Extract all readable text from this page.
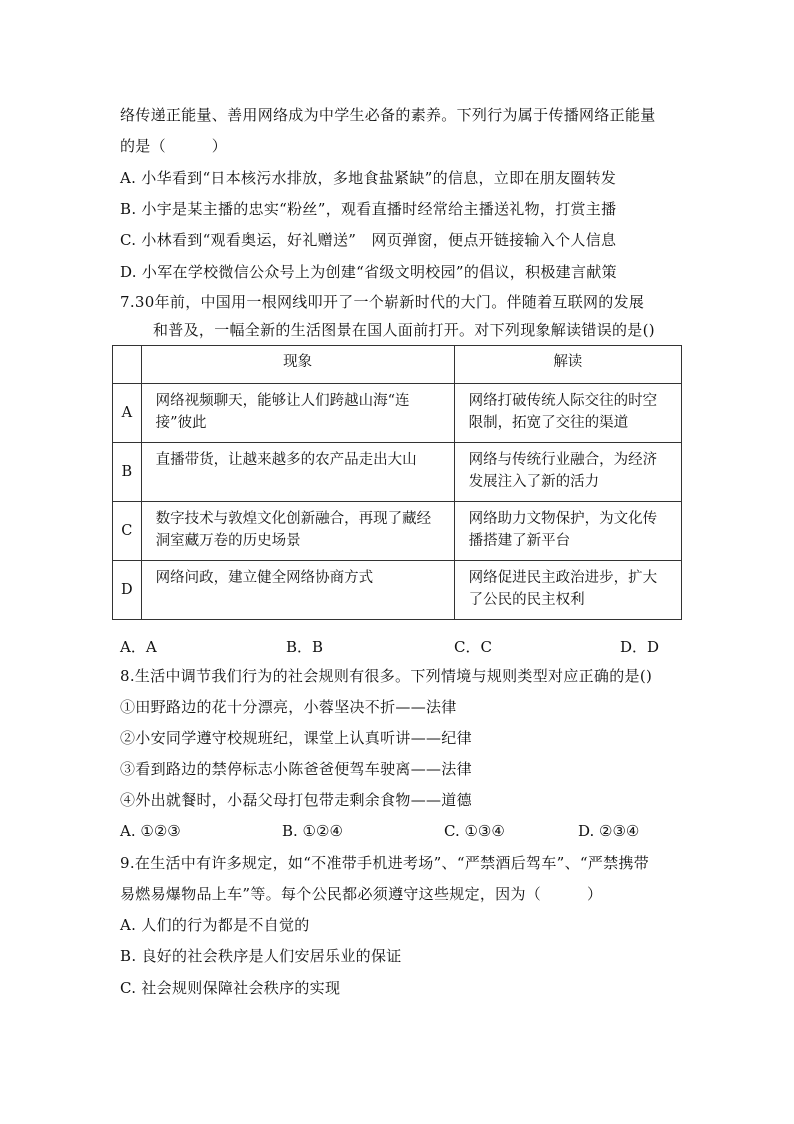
络传递正能量、善用网络成为中学生必备的素养。下列行为属于传播网络正能量
的是（　　　）
A. 小华看到“日本核污水排放，多地食盐紧缺”的信息，立即在朋友圈转发
B. 小宇是某主播的忠实“粉丝”，观看直播时经常给主播送礼物，打赏主播
C. 小林看到“观看奥运，好礼赠送”　网页弹窗，便点开链接输入个人信息
D. 小军在学校微信公众号上为创建“省级文明校园”的倡议，积极建言献策
7.30年前，中国用一根网线叩开了一个崭新时代的大门。伴随着互联网的发展
和普及，一幅全新的生活图景在国人面前打开。对下列现象解读错误的是()
	现象	解读
A	网络视频聊天，能够让人们跨越山海“连接”彼此	网络打破传统人际交往的时空限制，拓宽了交往的渠道
B	直播带货，让越来越多的农产品走出大山	网络与传统行业融合，为经济发展注入了新的活力
C	数字技术与敦煌文化创新融合，再现了藏经洞室藏万卷的历史场景	网络助力文物保护，为文化传播搭建了新平台
D	网络问政，建立健全网络协商方式	网络促进民主政治进步，扩大了公民的民主权利
A．A	B．B	C．C	D．D
8.生活中调节我们行为的社会规则有很多。下列情境与规则类型对应正确的是()
①田野路边的花十分漂亮，小蓉坚决不折——法律
②小安同学遵守校规班纪，课堂上认真听讲——纪律
③看到路边的禁停标志小陈爸爸便驾车驶离——法律
④外出就餐时，小磊父母打包带走剩余食物——道德
A. ①②③	B. ①②④	C. ①③④	D. ②③④
9.在生活中有许多规定，如“不准带手机进考场”、“严禁酒后驾车”、“严禁携带
易燃易爆物品上车”等。每个公民都必须遵守这些规定，因为（　　　）
A. 人们的行为都是不自觉的
B. 良好的社会秩序是人们安居乐业的保证
C. 社会规则保障社会秩序的实现
